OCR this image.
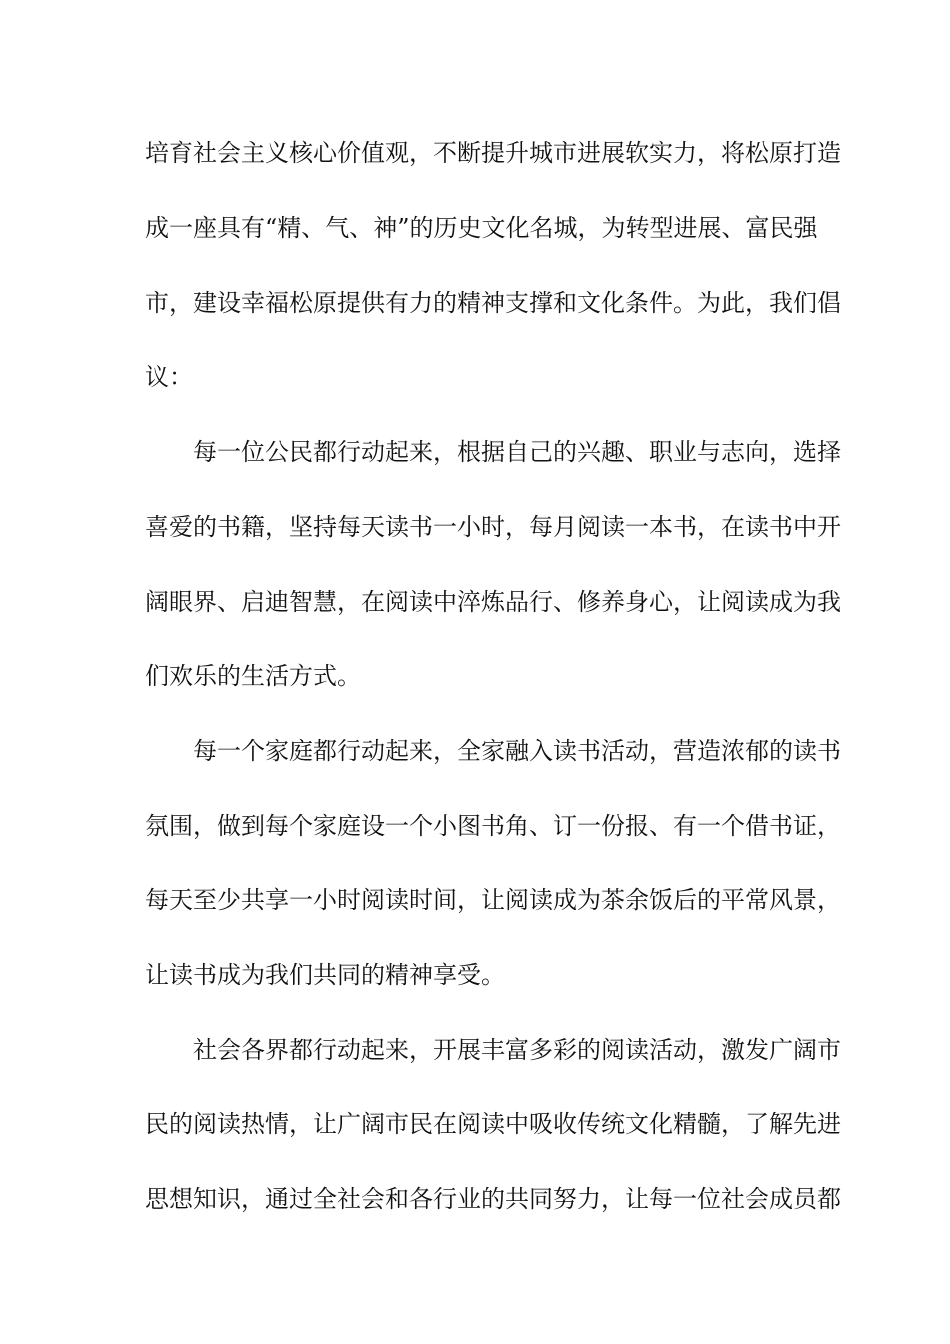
培育社会主义核心价值观，不断提升城市进展软实力，将松原打造
成一座具有“精、气、神”的历史文化名城，为转型进展、富民强
市，建设幸福松原提供有力的精神支撑和文化条件。为此，我们倡
议：
每一位公民都行动起来，根据自己的兴趣、职业与志向，选择
喜爱的书籍，坚持每天读书一小时，每月阅读一本书，在读书中开
阔眼界、启迪智慧，在阅读中淬炼品行、修养身心，让阅读成为我
们欢乐的生活方式。
每一个家庭都行动起来，全家融入读书活动，营造浓郁的读书
氛围，做到每个家庭设一个小图书角、订一份报、有一个借书证，
每天至少共享一小时阅读时间，让阅读成为茶余饭后的平常风景，
让读书成为我们共同的精神享受。
社会各界都行动起来，开展丰富多彩的阅读活动，激发广阔市
民的阅读热情，让广阔市民在阅读中吸收传统文化精髓，了解先进
思想知识，通过全社会和各行业的共同努力，让每一位社会成员都
